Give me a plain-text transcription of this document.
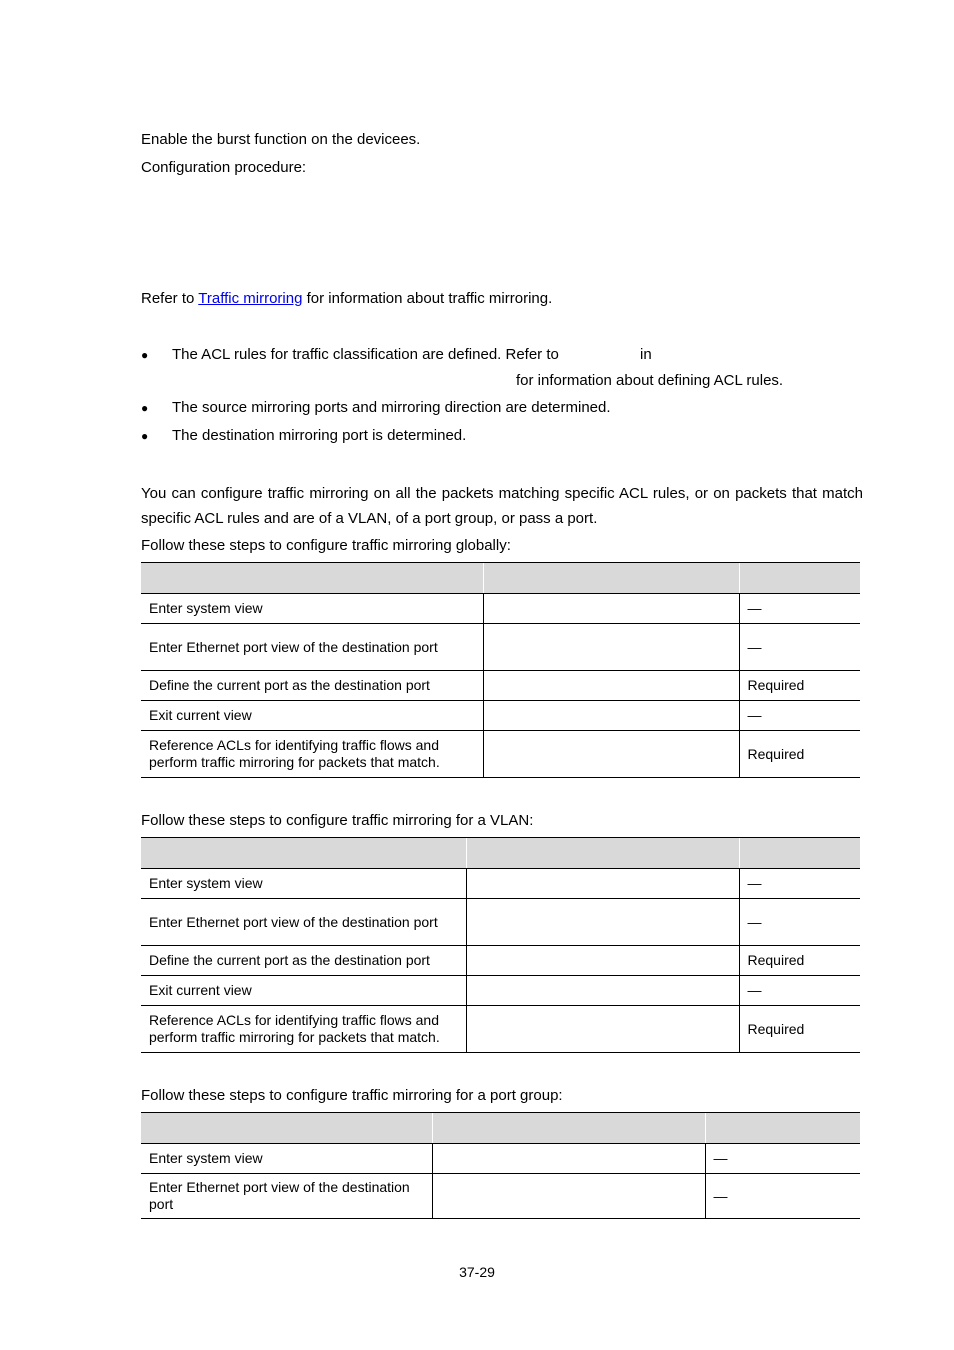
Enable the burst function on the devicees.

Configuration procedure:

Refer to Traffic mirroring for information about traffic mirroring.

● The ACL rules for traffic classification are defined. Refer to	in
for information about defining ACL rules.
● The source mirroring ports and mirroring direction are determined.
● The destination mirroring port is determined.
You can configure traffic mirroring on all the packets matching specific ACL rules, or on packets that match specific ACL rules and are of a VLAN, of a port group, or pass a port.

Follow these steps to configure traffic mirroring globally:

Enter system view		—
Enter Ethernet port view of the destination port		—
Define the current port as the destination port		Required
Exit current view		—
Reference ACLs for identifying traffic flows and perform traffic mirroring for packets that match.		Required

Follow these steps to configure traffic mirroring for a VLAN:

Enter system view		—
Enter Ethernet port view of the destination port		—
Define the current port as the destination port		Required
Exit current view		—
Reference ACLs for identifying traffic flows and perform traffic mirroring for packets that match.		Required

Follow these steps to configure traffic mirroring for a port group:

Enter system view		—
Enter Ethernet port view of the destination port		—
37-29
